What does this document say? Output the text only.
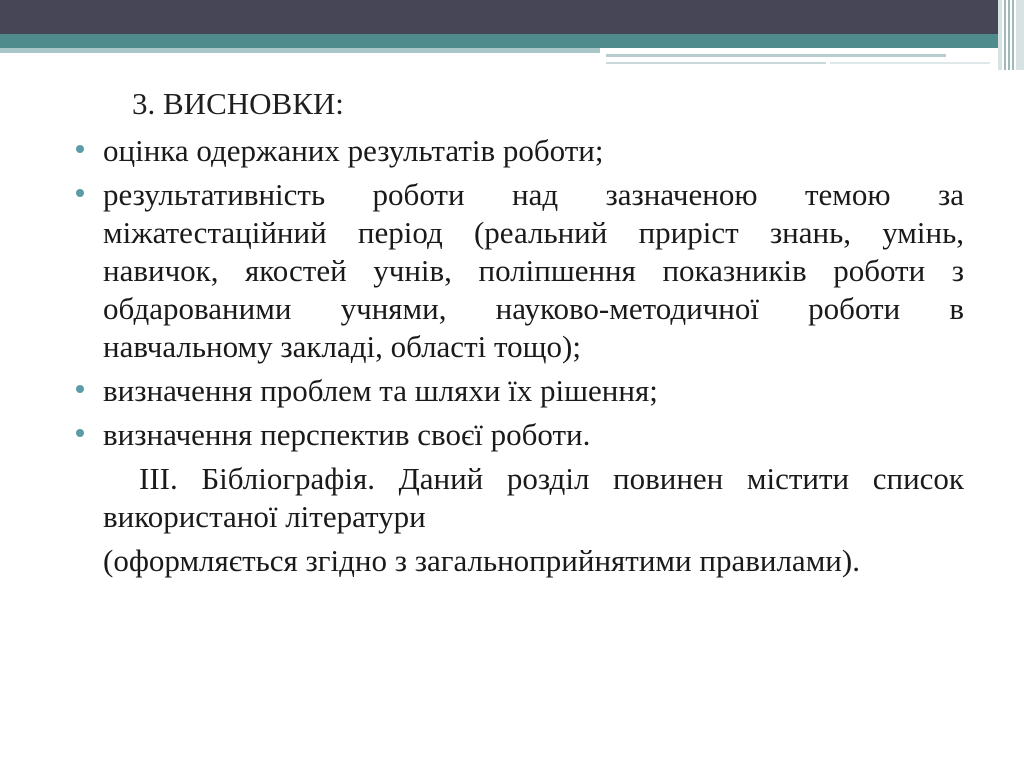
3. ВИСНОВКИ:
оцінка одержаних результатів роботи;
результативність роботи над зазначеною темою за міжатестаційний період (реальний приріст знань, умінь, навичок, якостей учнів, поліпшення показників роботи з обдарованими учнями, науково-методичної роботи в навчальному закладі, області тощо);
визначення проблем та шляхи їх рішення;
визначення перспектив своєї роботи.

ІІІ. Бібліографія. Даний розділ повинен містити список використаної літератури

(оформляється згідно з загальноприйнятими правилами).
